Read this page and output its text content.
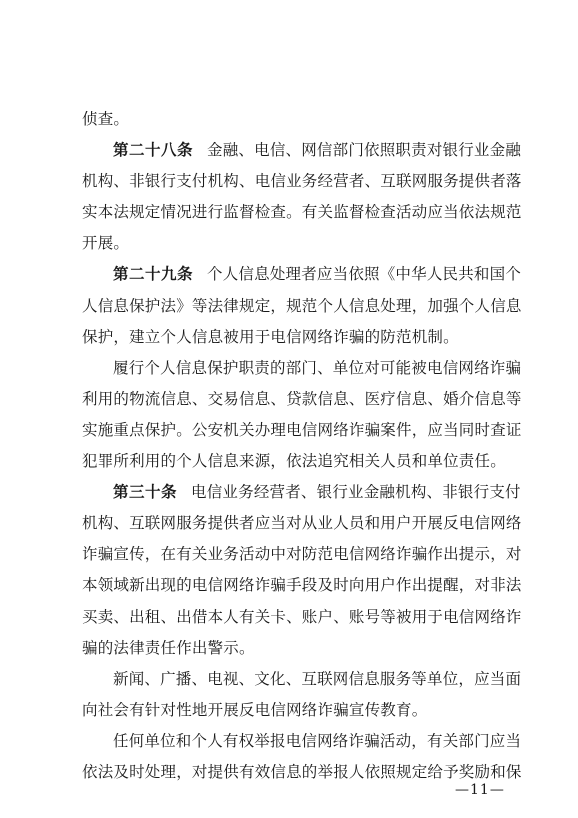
侦查。
第二十八条 金融、电信、网信部门依照职责对银行业金融
机构、非银行支付机构、电信业务经营者、互联网服务提供者落
实本法规定情况进行监督检查。有关监督检查活动应当依法规范
开展。
第二十九条 个人信息处理者应当依照《中华人民共和国个
人信息保护法》等法律规定，规范个人信息处理，加强个人信息
保护，建立个人信息被用于电信网络诈骗的防范机制。
履行个人信息保护职责的部门、单位对可能被电信网络诈骗
利用的物流信息、交易信息、贷款信息、医疗信息、婚介信息等
实施重点保护。公安机关办理电信网络诈骗案件，应当同时查证
犯罪所利用的个人信息来源，依法追究相关人员和单位责任。
第三十条 电信业务经营者、银行业金融机构、非银行支付
机构、互联网服务提供者应当对从业人员和用户开展反电信网络
诈骗宣传，在有关业务活动中对防范电信网络诈骗作出提示，对
本领域新出现的电信网络诈骗手段及时向用户作出提醒，对非法
买卖、出租、出借本人有关卡、账户、账号等被用于电信网络诈
骗的法律责任作出警示。
新闻、广播、电视、文化、互联网信息服务等单位，应当面
向社会有针对性地开展反电信网络诈骗宣传教育。
任何单位和个人有权举报电信网络诈骗活动，有关部门应当
依法及时处理，对提供有效信息的举报人依照规定给予奖励和保
—11—
